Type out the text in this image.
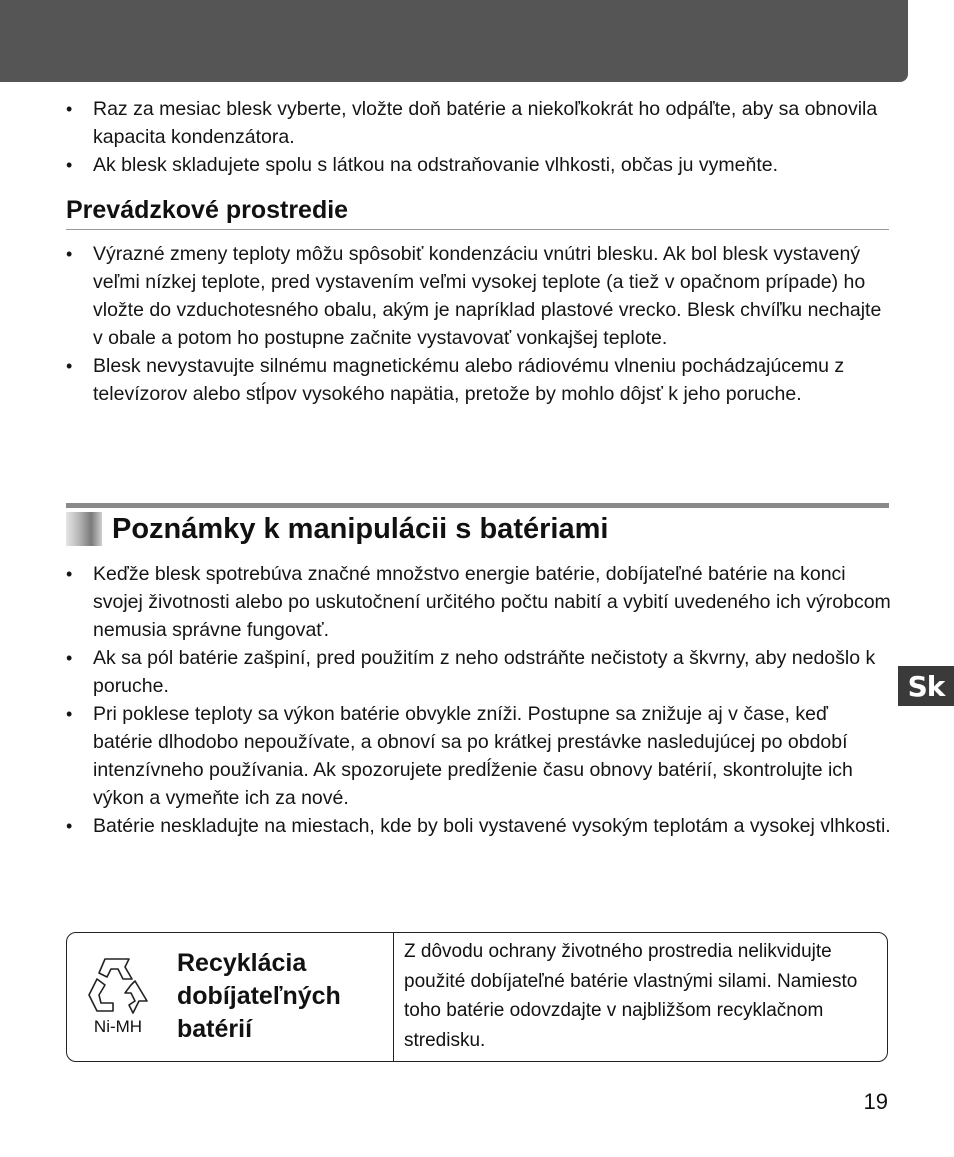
Sk
• Raz za mesiac blesk vyberte, vložte doň batérie a niekoľkokrát ho odpáľte, aby sa obnovila kapacita kondenzátora.
• Ak blesk skladujete spolu s látkou na odstraňovanie vlhkosti, občas ju vymeňte.
Prevádzkové prostredie
• Výrazné zmeny teploty môžu spôsobiť kondenzáciu vnútri blesku. Ak bol blesk vystavený veľmi nízkej teplote, pred vystavením veľmi vysokej teplote (a tiež v opačnom prípade) ho vložte do vzduchotesného obalu, akým je napríklad plastové vrecko. Blesk chvíľku nechajte v obale a potom ho postupne začnite vystavovať vonkajšej teplote.
• Blesk nevystavujte silnému magnetickému alebo rádiovému vlneniu pochádzajúcemu z televízorov alebo stĺpov vysokého napätia, pretože by mohlo dôjsť k jeho poruche.
Poznámky k manipulácii s batériami
• Keďže blesk spotrebúva značné množstvo energie batérie, dobíjateľné batérie na konci svojej životnosti alebo po uskutočnení určitého počtu nabití a vybití uvedeného ich výrobcom nemusia správne fungovať.
• Ak sa pól batérie zašpiní, pred použitím z neho odstráňte nečistoty a škvrny, aby nedošlo k poruche.
• Pri poklese teploty sa výkon batérie obvykle zníži. Postupne sa znižuje aj v čase, keď batérie dlhodobo nepoužívate, a obnoví sa po krátkej prestávke nasledujúcej po období intenzívneho používania. Ak spozorujete predĺženie času obnovy batérií, skontrolujte ich výkon a vymeňte ich za nové.
• Batérie neskladujte na miestach, kde by boli vystavené vysokým teplotám a vysokej vlhkosti.
Ni-MH
Recyklácia dobíjateľných batérií
Z dôvodu ochrany životného prostredia nelikvidujte použité dobíjateľné batérie vlastnými silami. Namiesto toho batérie odovzdajte v najbližšom recyklačnom stredisku.
19
